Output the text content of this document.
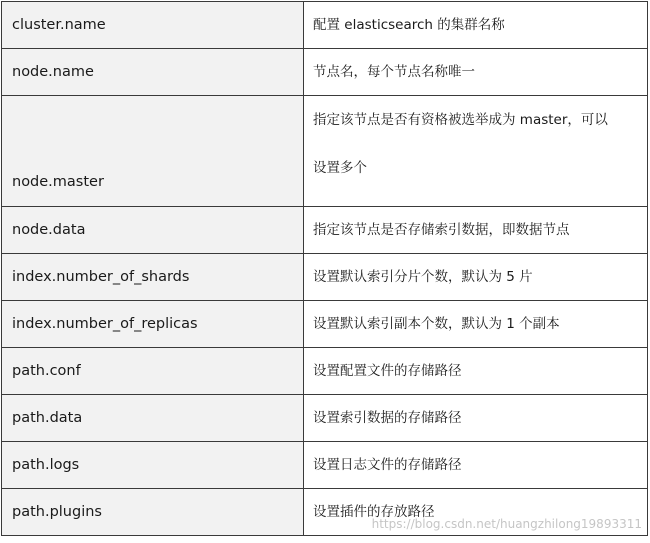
cluster.name	配置 elasticsearch 的集群名称
node.name	节点名，每个节点名称唯一
node.master	指定该节点是否有资格被选举成为 master，可以
设置多个

node.data	指定该节点是否存储索引数据，即数据节点
index.number_of_shards	设置默认索引分片个数，默认为 5 片
index.number_of_replicas	设置默认索引副本个数，默认为 1 个副本
path.conf	设置配置文件的存储路径
path.data	设置索引数据的存储路径
path.logs	设置日志文件的存储路径
path.plugins	设置插件的存放路径
https://blog.csdn.net/huangzhilong19893311
